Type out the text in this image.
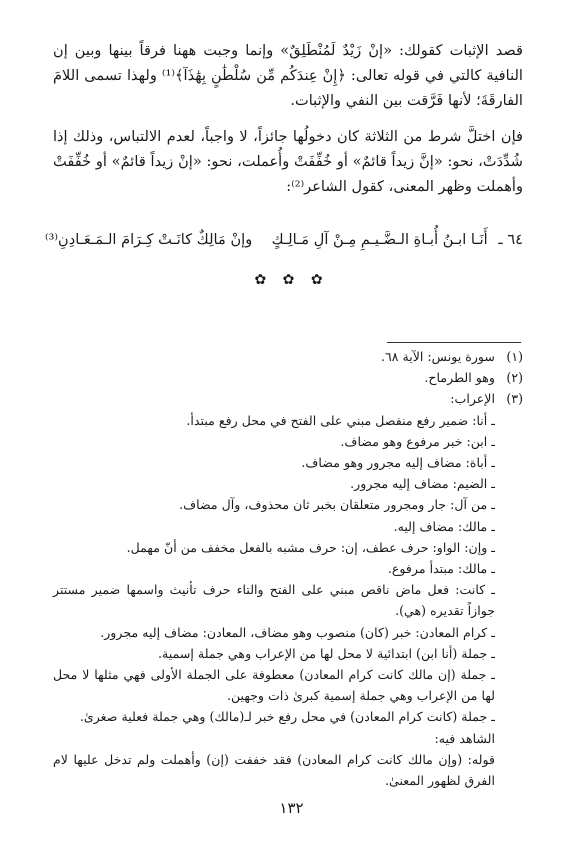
قصد الإثبات كقولك: «إنْ زَيْدٌ لَمُنْطَلِقٌ» وإنما وجبت ههنا فرقاً بينها وبين إن النافية كالتي في قوله تعالى: ﴿إِنْ عِندَكُم مِّن سُلْطَٰنٍ بِهَٰذَآ﴾⁽¹⁾ ولهذا تسمى اللامَ الفارقَةَ؛ لأنها فَرَّقت بين النفي والإثبات.

فإن اختلَّ شرط من الثلاثة كان دخولُها جائزاً، لا واجباً، لعدم الالتباس، وذلك إذا شُدِّدَتْ، نحو: «إنَّ زيداً قائمٌ» أو خُفِّفَتْ وأُعملت، نحو: «إنْ زيداً قائمٌ» أو خُفِّفَتْ وأهملت وظهر المعنى، كقول الشاعر⁽²⁾:

٦٤ ـ أَنَـا ابـنُ أُبـاةِ الـضَّـيـمِ مِـنْ آلِ مَـالِـكٍ  وإنْ مَالِكٌ كانَـتْ كِـرَامَ الـمَـعَـادِنِ⁽³⁾
✿ ✿ ✿
(١)سورة يونس: الآية ٦٨.
(٢)وهو الطرماح.
(٣)الإعراب:
ـ أنا: ضمير رفع منفصل مبني على الفتح في محل رفع مبتدأ.
ـ ابن: خبر مرفوع وهو مضاف.
ـ أباة: مضاف إليه مجرور وهو مضاف.
ـ الضيم: مضاف إليه مجرور.
ـ من آل: جار ومجرور متعلقان بخبر ثان محذوف، وآل مضاف.
ـ مالك: مضاف إليه.
ـ وإن: الواو: حرف عطف، إن: حرف مشبه بالفعل مخفف من أنّ مهمل.
ـ مالك: مبتدأ مرفوع.
ـ كانت: فعل ماض ناقص مبني على الفتح والتاء حرف تأنيث واسمها ضمير مستتر جوازاً تقديره (هي).
ـ كرام المعادن: خبر (كان) منصوب وهو مضاف، المعادن: مضاف إليه مجرور.
ـ جملة (أنا ابن) ابتدائية لا محل لها من الإعراب وهي جملة إسمية.
ـ جملة (إن مالك كانت كرام المعادن) معطوفة على الجملة الأولى فهي مثلها لا محل لها من الإعراب وهي جملة إسمية كبرىٰ ذات وجهين.
ـ جملة (كانت كرام المعادن) في محل رفع خبر لـ(مالك) وهي جملة فعلية صغرىٰ.
الشاهد فيه:
قوله: (وإن مالك كانت كرام المعادن) فقد خففت (إن) وأهملت ولم تدخل عليها لام الفرق لظهور المعنىٰ.
١٣٢
